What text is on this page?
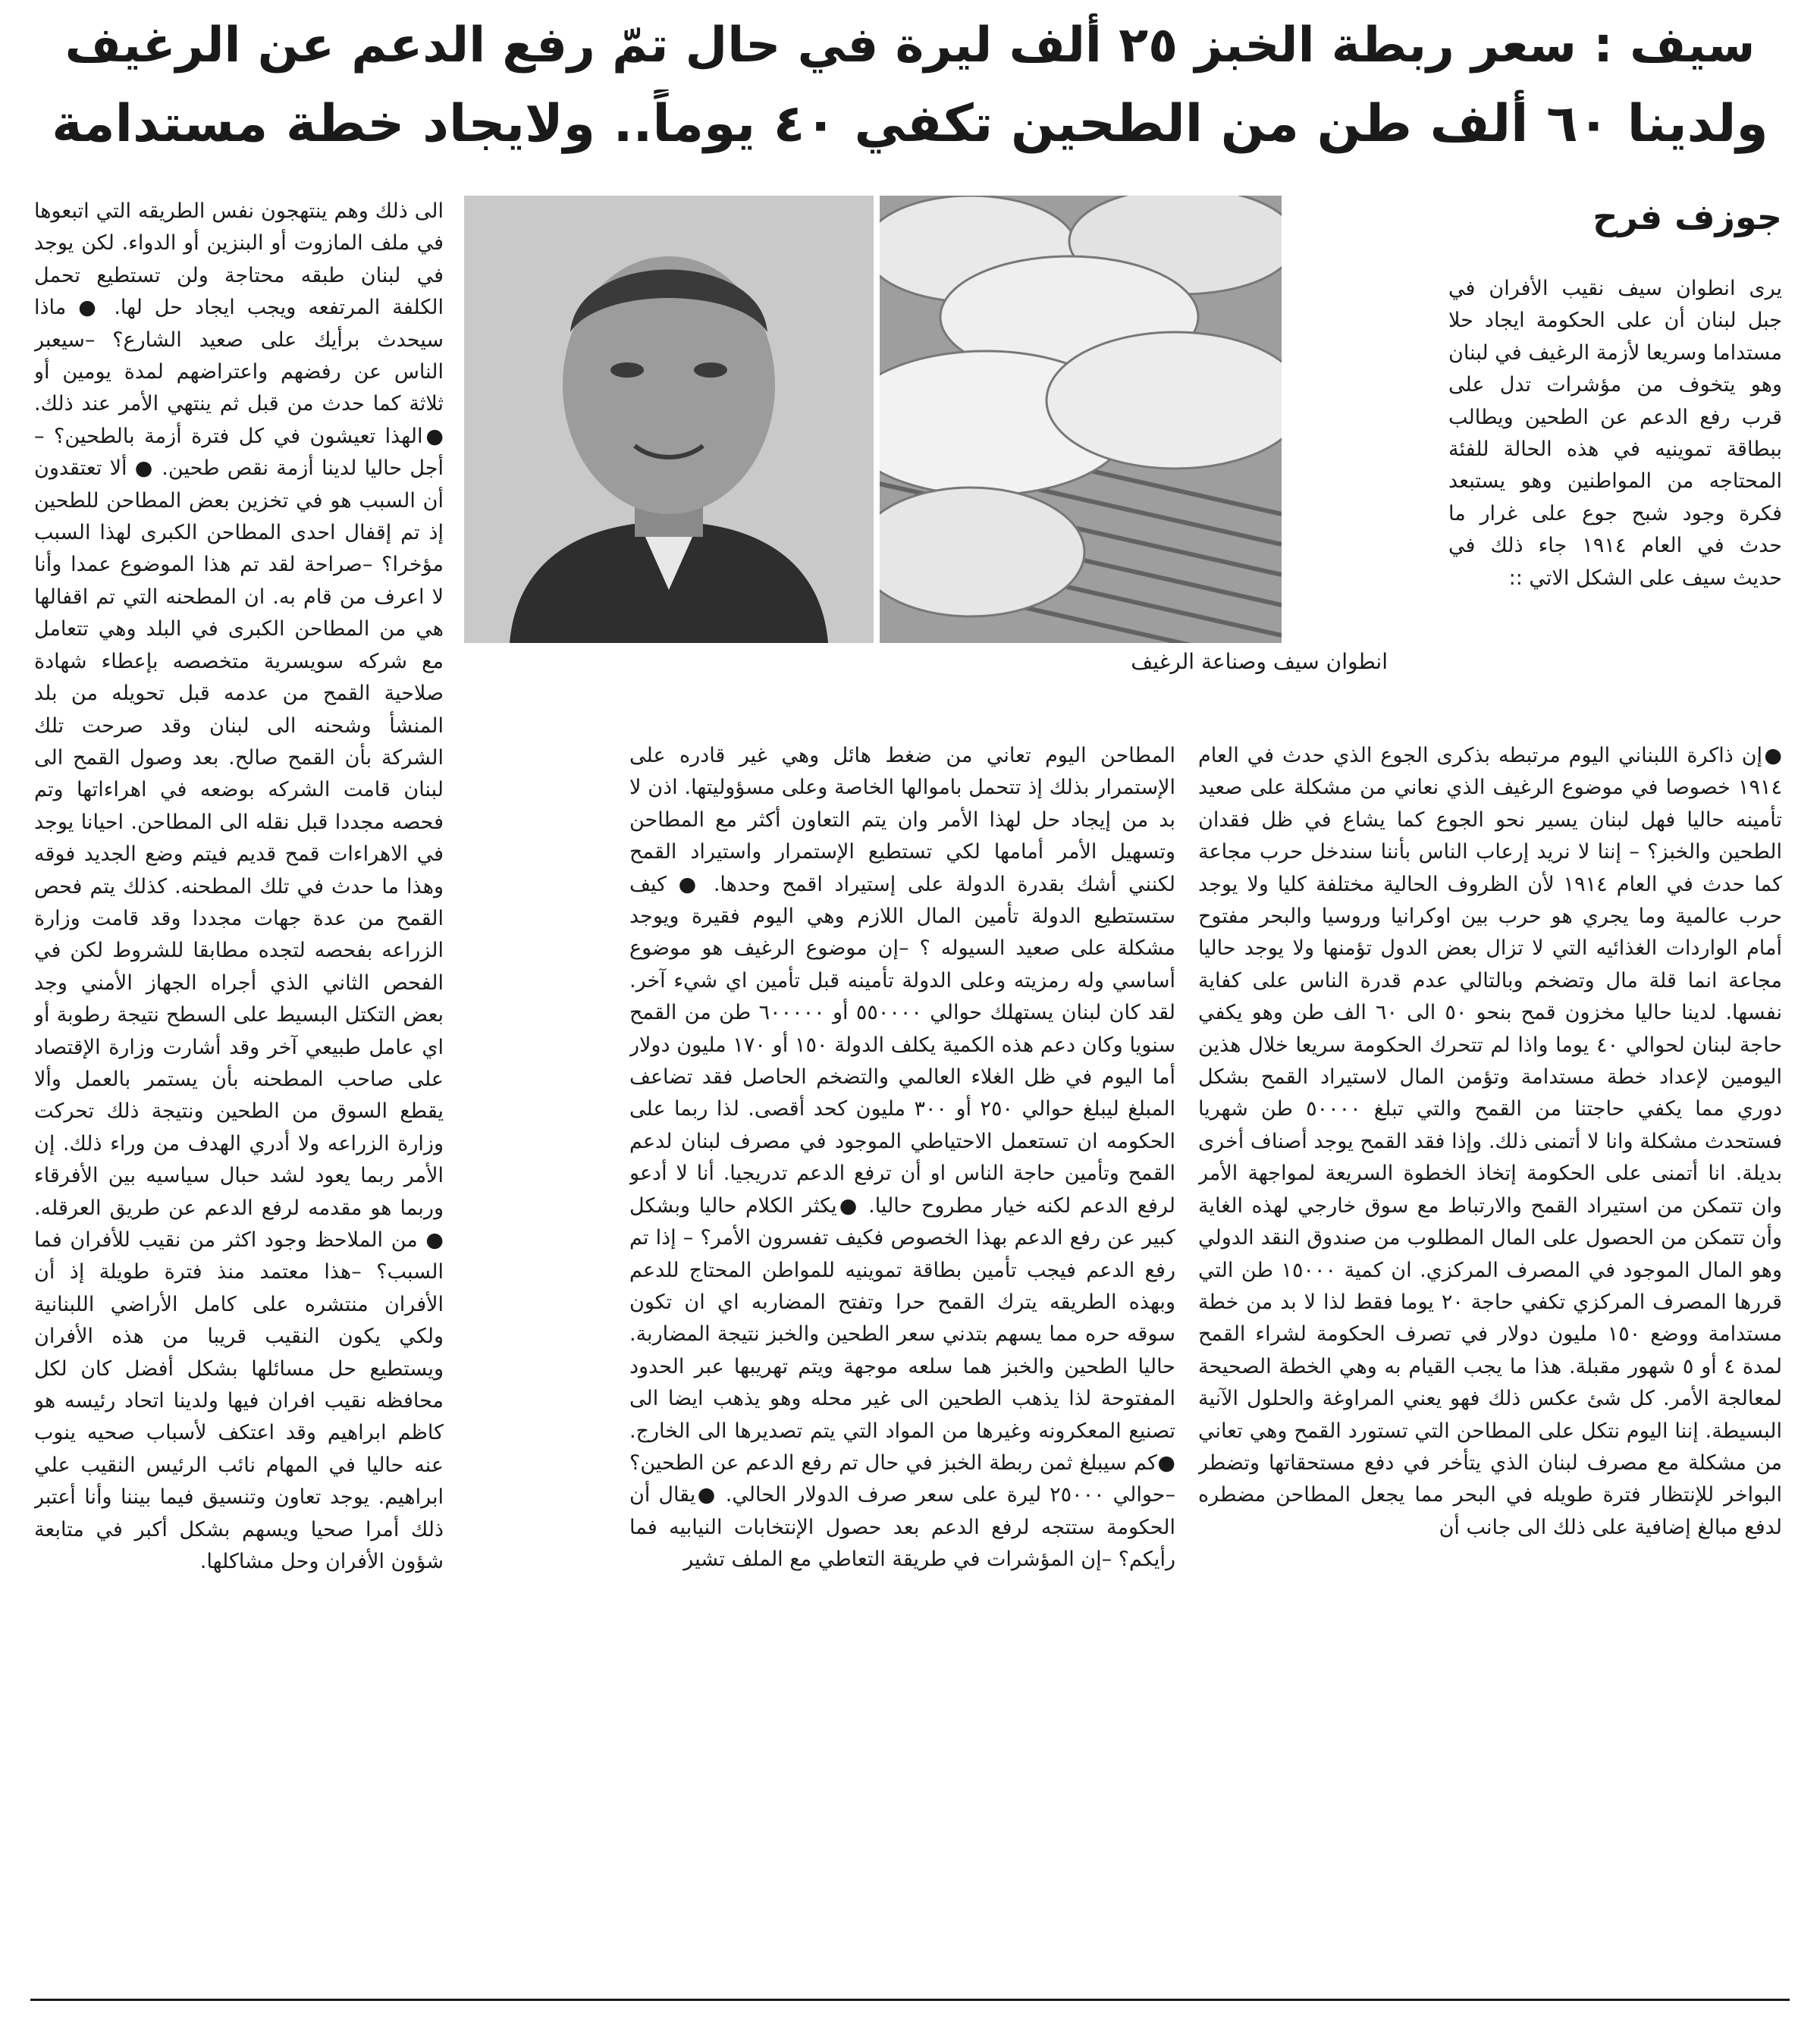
سيف : سعر ربطة الخبز ٢٥ ألف ليرة في حال تمّ رفع الدعم عن الرغيف
ولدينا ٦٠ ألف طن من الطحين تكفي ٤٠ يوماً.. ولايجاد خطة مستدامة
جوزف فرح
انطوان سيف وصناعة الرغيف

يرى انطوان سيف نقيب الأفران في جبل لبنان أن على الحكومة ايجاد حلا مستداما وسريعا لأزمة الرغيف في لبنان وهو يتخوف من مؤشرات تدل على قرب رفع الدعم عن الطحين ويطالب ببطاقة تموينيه في هذه الحالة للفئة المحتاجه من المواطنين وهو يستبعد فكرة وجود شبح جوع على غرار ما حدث في العام ١٩١٤ جاء ذلك في حديث سيف على الشكل الاتي ::

●إن ذاكرة اللبناني اليوم مرتبطه بذكرى الجوع الذي حدث في العام ١٩١٤ خصوصا في موضوع الرغيف الذي نعاني من مشكلة على صعيد تأمينه حاليا فهل لبنان يسير نحو الجوع كما يشاع في ظل فقدان الطحين والخبز؟ – إننا لا نريد إرعاب الناس بأننا سندخل حرب مجاعة كما حدث في العام ١٩١٤ لأن الظروف الحالية مختلفة كليا ولا يوجد حرب عالمية وما يجري هو حرب بين اوكرانيا وروسيا والبحر مفتوح أمام الواردات الغذائيه التي لا تزال بعض الدول تؤمنها ولا يوجد حاليا مجاعة انما قلة مال وتضخم وبالتالي عدم قدرة الناس على كفاية نفسها. لدينا حاليا مخزون قمح بنحو ٥٠ الى ٦٠ الف طن وهو يكفي حاجة لبنان لحوالي ٤٠ يوما واذا لم تتحرك الحكومة سريعا خلال هذين اليومين لإعداد خطة مستدامة وتؤمن المال لاستيراد القمح بشكل دوري مما يكفي حاجتنا من القمح والتي تبلغ ٥٠٠٠٠ طن شهريا فستحدث مشكلة وانا لا أتمنى ذلك. وإذا فقد القمح يوجد أصناف أخرى بديلة. انا أتمنى على الحكومة إتخاذ الخطوة السريعة لمواجهة الأمر وان تتمكن من استيراد القمح والارتباط مع سوق خارجي لهذه الغاية وأن تتمكن من الحصول على المال المطلوب من صندوق النقد الدولي وهو المال الموجود في المصرف المركزي. ان كمية ١٥٠٠٠ طن التي قررها المصرف المركزي تكفي حاجة ٢٠ يوما فقط لذا لا بد من خطة مستدامة ووضع ١٥٠ مليون دولار في تصرف الحكومة لشراء القمح لمدة ٤ أو ٥ شهور مقبلة. هذا ما يجب القيام به وهي الخطة الصحيحة لمعالجة الأمر. كل شئ عكس ذلك فهو يعني المراوغة والحلول الآنية البسيطة. إننا اليوم نتكل على المطاحن التي تستورد القمح وهي تعاني من مشكلة مع مصرف لبنان الذي يتأخر في دفع مستحقاتها وتضطر البواخر للإنتظار فترة طويله في البحر مما يجعل المطاحن مضطره لدفع مبالغ إضافية على ذلك الى جانب أن

المطاحن اليوم تعاني من ضغط هائل وهي غير قادره على الإستمرار بذلك إذ تتحمل باموالها الخاصة وعلى مسؤوليتها. اذن لا بد من إيجاد حل لهذا الأمر وان يتم التعاون أكثر مع المطاحن وتسهيل الأمر أمامها لكي تستطيع الإستمرار واستيراد القمح لكنني أشك بقدرة الدولة على إستيراد اقمح وحدها. ● كيف ستستطيع الدولة تأمين المال اللازم وهي اليوم فقيرة ويوجد مشكلة على صعيد السيوله ؟ –إن موضوع الرغيف هو موضوع أساسي وله رمزيته وعلى الدولة تأمينه قبل تأمين اي شيء آخر. لقد كان لبنان يستهلك حوالي ٥٥٠٠٠٠ أو ٦٠٠٠٠٠ طن من القمح سنويا وكان دعم هذه الكمية يكلف الدولة ١٥٠ أو ١٧٠ مليون دولار أما اليوم في ظل الغلاء العالمي والتضخم الحاصل فقد تضاعف المبلغ ليبلغ حوالي ٢٥٠ أو ٣٠٠ مليون كحد أقصى. لذا ربما على الحكومه ان تستعمل الاحتياطي الموجود في مصرف لبنان لدعم القمح وتأمين حاجة الناس او أن ترفع الدعم تدريجيا. أنا لا أدعو لرفع الدعم لكنه خيار مطروح حاليا. ●يكثر الكلام حاليا وبشكل كبير عن رفع الدعم بهذا الخصوص فكيف تفسرون الأمر؟ – إذا تم رفع الدعم فيجب تأمين بطاقة تموينيه للمواطن المحتاج للدعم وبهذه الطريقه يترك القمح حرا وتفتح المضاربه اي ان تكون سوقه حره مما يسهم بتدني سعر الطحين والخبز نتيجة المضاربة. حاليا الطحين والخبز هما سلعه موجهة ويتم تهريبها عبر الحدود المفتوحة لذا يذهب الطحين الى غير محله وهو يذهب ايضا الى تصنيع المعكرونه وغيرها من المواد التي يتم تصديرها الى الخارج. ●كم سيبلغ ثمن ربطة الخبز في حال تم رفع الدعم عن الطحين؟ –حوالي ٢٥٠٠٠ ليرة على سعر صرف الدولار الحالي. ●يقال أن الحكومة ستتجه لرفع الدعم بعد حصول الإنتخابات النيابيه فما رأيكم؟ –إن المؤشرات في طريقة التعاطي مع الملف تشير

الى ذلك وهم ينتهجون نفس الطريقه التي اتبعوها في ملف المازوت أو البنزين أو الدواء. لكن يوجد في لبنان طبقه محتاجة ولن تستطيع تحمل الكلفة المرتفعه ويجب ايجاد حل لها. ● ماذا سيحدث برأيك على صعيد الشارع؟ –سيعبر الناس عن رفضهم واعتراضهم لمدة يومين أو ثلاثة كما حدث من قبل ثم ينتهي الأمر عند ذلك. ●الهذا تعيشون في كل فترة أزمة بالطحين؟ –أجل حاليا لدينا أزمة نقص طحين. ● ألا تعتقدون أن السبب هو في تخزين بعض المطاحن للطحين إذ تم إقفال احدى المطاحن الكبرى لهذا السبب مؤخرا؟ –صراحة لقد تم هذا الموضوع عمدا وأنا لا اعرف من قام به. ان المطحنه التي تم اقفالها هي من المطاحن الكبرى في البلد وهي تتعامل مع شركه سويسرية متخصصه بإعطاء شهادة صلاحية القمح من عدمه قبل تحويله من بلد المنشأ وشحنه الى لبنان وقد صرحت تلك الشركة بأن القمح صالح. بعد وصول القمح الى لبنان قامت الشركه بوضعه في اهراءاتها وتم فحصه مجددا قبل نقله الى المطاحن. احيانا يوجد في الاهراءات قمح قديم فيتم وضع الجديد فوقه وهذا ما حدث في تلك المطحنه. كذلك يتم فحص القمح من عدة جهات مجددا وقد قامت وزارة الزراعه بفحصه لتجده مطابقا للشروط لكن في الفحص الثاني الذي أجراه الجهاز الأمني وجد بعض التكتل البسيط على السطح نتيجة رطوبة أو اي عامل طبيعي آخر وقد أشارت وزارة الإقتصاد على صاحب المطحنه بأن يستمر بالعمل وألا يقطع السوق من الطحين ونتيجة ذلك تحركت وزارة الزراعه ولا أدري الهدف من وراء ذلك. إن الأمر ربما يعود لشد حبال سياسيه بين الأفرقاء وربما هو مقدمه لرفع الدعم عن طريق العرقله. ● من الملاحظ وجود اكثر من نقيب للأفران فما السبب؟ –هذا معتمد منذ فترة طويلة إذ أن الأفران منتشره على كامل الأراضي اللبنانية ولكي يكون النقيب قريبا من هذه الأفران ويستطيع حل مسائلها بشكل أفضل كان لكل محافظه نقيب افران فيها ولدينا اتحاد رئيسه هو كاظم ابراهيم وقد اعتكف لأسباب صحيه ينوب عنه حاليا في المهام نائب الرئيس النقيب علي ابراهيم. يوجد تعاون وتنسيق فيما بيننا وأنا أعتبر ذلك أمرا صحيا ويسهم بشكل أكبر في متابعة شؤون الأفران وحل مشاكلها.
